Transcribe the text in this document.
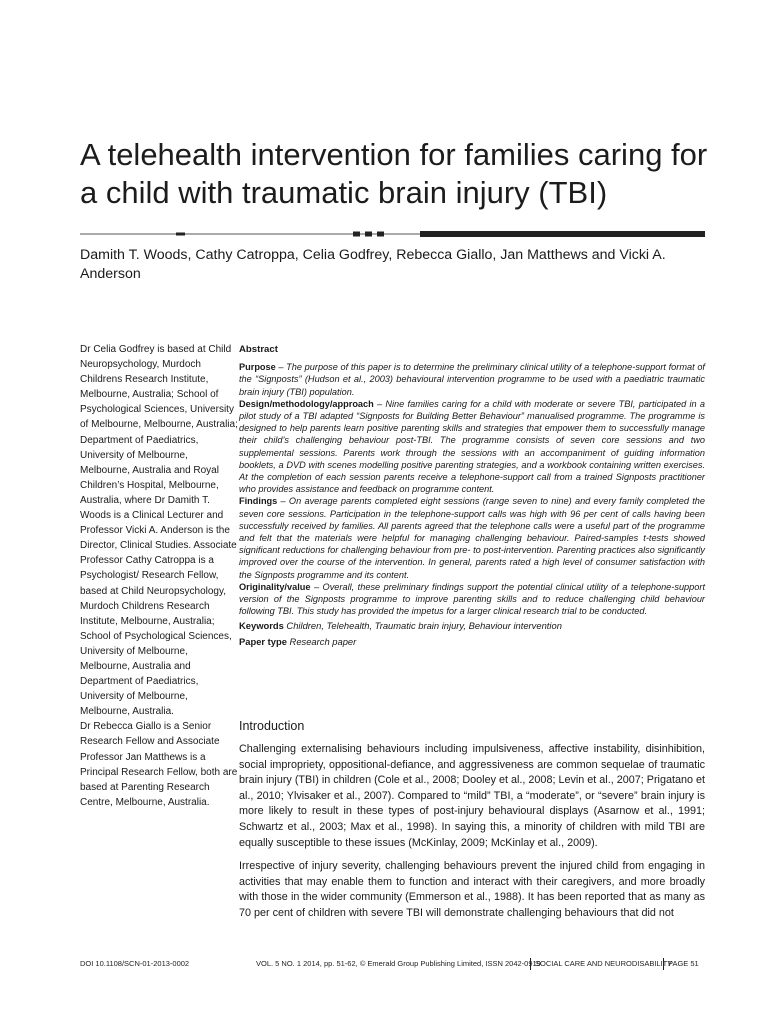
A telehealth intervention for families caring for a child with traumatic brain injury (TBI)

Damith T. Woods, Cathy Catroppa, Celia Godfrey, Rebecca Giallo, Jan Matthews and Vicki A. Anderson

Dr Celia Godfrey is based at Child Neuropsychology, Murdoch Childrens Research Institute, Melbourne, Australia; School of Psychological Sciences, University of Melbourne, Melbourne, Australia; Department of Paediatrics, University of Melbourne, Melbourne, Australia and Royal Children’s Hospital, Melbourne, Australia, where Dr Damith T. Woods is a Clinical Lecturer and Professor Vicki A. Anderson is the Director, Clinical Studies. Associate Professor Cathy Catroppa is a Psychologist/ Research Fellow, based at Child Neuropsychology, Murdoch Childrens Research Institute, Melbourne, Australia; School of Psychological Sciences, University of Melbourne, Melbourne, Australia and Department of Paediatrics, University of Melbourne, Melbourne, Australia.

Dr Rebecca Giallo is a Senior Research Fellow and Associate Professor Jan Matthews is a Principal Research Fellow, both are based at Parenting Research Centre, Melbourne, Australia.

Abstract

Purpose – The purpose of this paper is to determine the preliminary clinical utility of a telephone-support format of the “Signposts” (Hudson et al., 2003) behavioural intervention programme to be used with a paediatric traumatic brain injury (TBI) population.

Design/methodology/approach – Nine families caring for a child with moderate or severe TBI, participated in a pilot study of a TBI adapted “Signposts for Building Better Behaviour” manualised programme. The programme is designed to help parents learn positive parenting skills and strategies that empower them to successfully manage their child’s challenging behaviour post-TBI. The programme consists of seven core sessions and two supplemental sessions. Parents work through the sessions with an accompaniment of guiding information booklets, a DVD with scenes modelling positive parenting strategies, and a workbook containing written exercises. At the completion of each session parents receive a telephone-support call from a trained Signposts practitioner who provides assistance and feedback on programme content.

Findings – On average parents completed eight sessions (range seven to nine) and every family completed the seven core sessions. Participation in the telephone-support calls was high with 96 per cent of calls having been successfully received by families. All parents agreed that the telephone calls were a useful part of the programme and felt that the materials were helpful for managing challenging behaviour. Paired-samples t-tests showed significant reductions for challenging behaviour from pre- to post-intervention. Parenting practices also significantly improved over the course of the intervention. In general, parents rated a high level of consumer satisfaction with the Signposts programme and its content.

Originality/value – Overall, these preliminary findings support the potential clinical utility of a telephone-support version of the Signposts programme to improve parenting skills and to reduce challenging child behaviour following TBI. This study has provided the impetus for a larger clinical research trial to be conducted.

Keywords Children, Telehealth, Traumatic brain injury, Behaviour intervention

Paper type Research paper

Introduction

Challenging externalising behaviours including impulsiveness, affective instability, disinhibition, social impropriety, oppositional-defiance, and aggressiveness are common sequelae of traumatic brain injury (TBI) in children (Cole et al., 2008; Dooley et al., 2008; Levin et al., 2007; Prigatano et al., 2010; Ylvisaker et al., 2007). Compared to “mild” TBI, a “moderate”, or “severe” brain injury is more likely to result in these types of post-injury behavioural displays (Asarnow et al., 1991; Schwartz et al., 2003; Max et al., 1998). In saying this, a minority of children with mild TBI are equally susceptible to these issues (McKinlay, 2009; McKinlay et al., 2009).

Irrespective of injury severity, challenging behaviours prevent the injured child from engaging in activities that may enable them to function and interact with their caregivers, and more broadly with those in the wider community (Emmerson et al., 1988). It has been reported that as many as 70 per cent of children with severe TBI will demonstrate challenging behaviours that did not

DOI 10.1108/SCN-01-2013-0002	VOL. 5 NO. 1 2014, pp. 51-62, © Emerald Group Publishing Limited, ISSN 2042-0919
SOCIAL CARE AND NEURODISABILITY
PAGE 51
